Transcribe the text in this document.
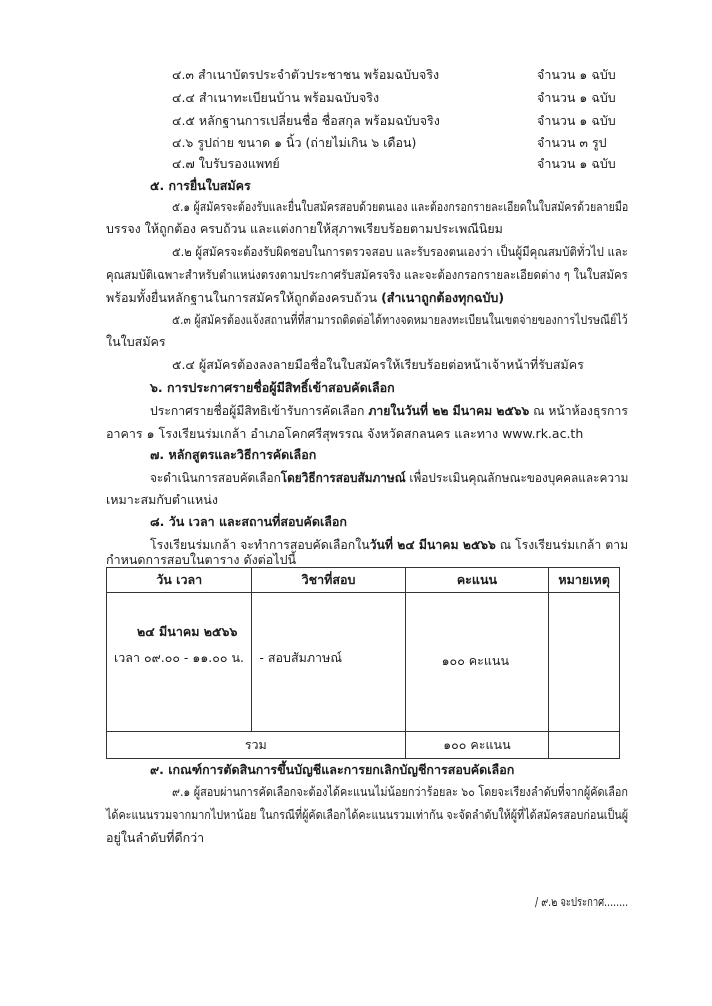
๔.๓ สำเนาบัตรประจำตัวประชาชน พร้อมฉบับจริง	จำนวน ๑ ฉบับ
๔.๔ สำเนาทะเบียนบ้าน พร้อมฉบับจริง	จำนวน ๑ ฉบับ
๔.๕ หลักฐานการเปลี่ยนชื่อ ชื่อสกุล พร้อมฉบับจริง	จำนวน ๑ ฉบับ
๔.๖ รูปถ่าย ขนาด ๑ นิ้ว (ถ่ายไม่เกิน ๖ เดือน)	จำนวน ๓ รูป
๔.๗ ใบรับรองแพทย์	จำนวน ๑ ฉบับ
๕. การยื่นใบสมัคร
๕.๑ ผู้สมัครจะต้องรับและยื่นใบสมัครสอบด้วยตนเอง และต้องกรอกรายละเอียดในใบสมัครด้วยลายมือ
บรรจง ให้ถูกต้อง ครบถ้วน และแต่งกายให้สุภาพเรียบร้อยตามประเพณีนิยม
๕.๒ ผู้สมัครจะต้องรับผิดชอบในการตรวจสอบ และรับรองตนเองว่า เป็นผู้มีคุณสมบัติทั่วไป และ
คุณสมบัติเฉพาะสำหรับตำแหน่งตรงตามประกาศรับสมัครจริง และจะต้องกรอกรายละเอียดต่าง ๆ ในใบสมัคร
พร้อมทั้งยื่นหลักฐานในการสมัครให้ถูกต้องครบถ้วน (สำเนาถูกต้องทุกฉบับ)
๕.๓ ผู้สมัครต้องแจ้งสถานที่ที่สามารถติดต่อได้ทางจดหมายลงทะเบียนในเขตจ่ายของการไปรษณีย์ไว้
ในใบสมัคร
๕.๔ ผู้สมัครต้องลงลายมือชื่อในใบสมัครให้เรียบร้อยต่อหน้าเจ้าหน้าที่รับสมัคร
๖. การประกาศรายชื่อผู้มีสิทธิ์เข้าสอบคัดเลือก
ประกาศรายชื่อผู้มีสิทธิเข้ารับการคัดเลือก ภายในวันที่ ๒๒ มีนาคม ๒๕๖๖ ณ หน้าห้องธุรการ
อาคาร ๑ โรงเรียนร่มเกล้า อำเภอโคกศรีสุพรรณ จังหวัดสกลนคร และทาง www.rk.ac.th
๗. หลักสูตรและวิธีการคัดเลือก
จะดำเนินการสอบคัดเลือกโดยวิธีการสอบสัมภาษณ์ เพื่อประเมินคุณลักษณะของบุคคลและความ
เหมาะสมกับตำแหน่ง
๘. วัน เวลา และสถานที่สอบคัดเลือก
โรงเรียนร่มเกล้า จะทำการสอบคัดเลือกในวันที่ ๒๔ มีนาคม ๒๕๖๖ ณ โรงเรียนร่มเกล้า ตาม
กำหนดการสอบในตาราง ดังต่อไปนี้
วัน เวลา	วิชาที่สอบ	คะแนน	หมายเหตุ

๒๔ มีนาคม ๒๕๖๖
เวลา ๐๙.๐๐ - ๑๑.๐๐ น.	- สอบสัมภาษณ์	๑๐๐ คะแนน	

รวม		๑๐๐ คะแนน	
๙. เกณฑ์การตัดสินการขึ้นบัญชีและการยกเลิกบัญชีการสอบคัดเลือก
๙.๑ ผู้สอบผ่านการคัดเลือกจะต้องได้คะแนนไม่น้อยกว่าร้อยละ ๖๐ โดยจะเรียงลำดับที่จากผู้คัดเลือก
ได้คะแนนรวมจากมากไปหาน้อย ในกรณีที่ผู้คัดเลือกได้คะแนนรวมเท่ากัน จะจัดลำดับให้ผู้ที่ได้สมัครสอบก่อนเป็นผู้
อยู่ในลำดับที่ดีกว่า
/ ๙.๒ จะประกาศ........
